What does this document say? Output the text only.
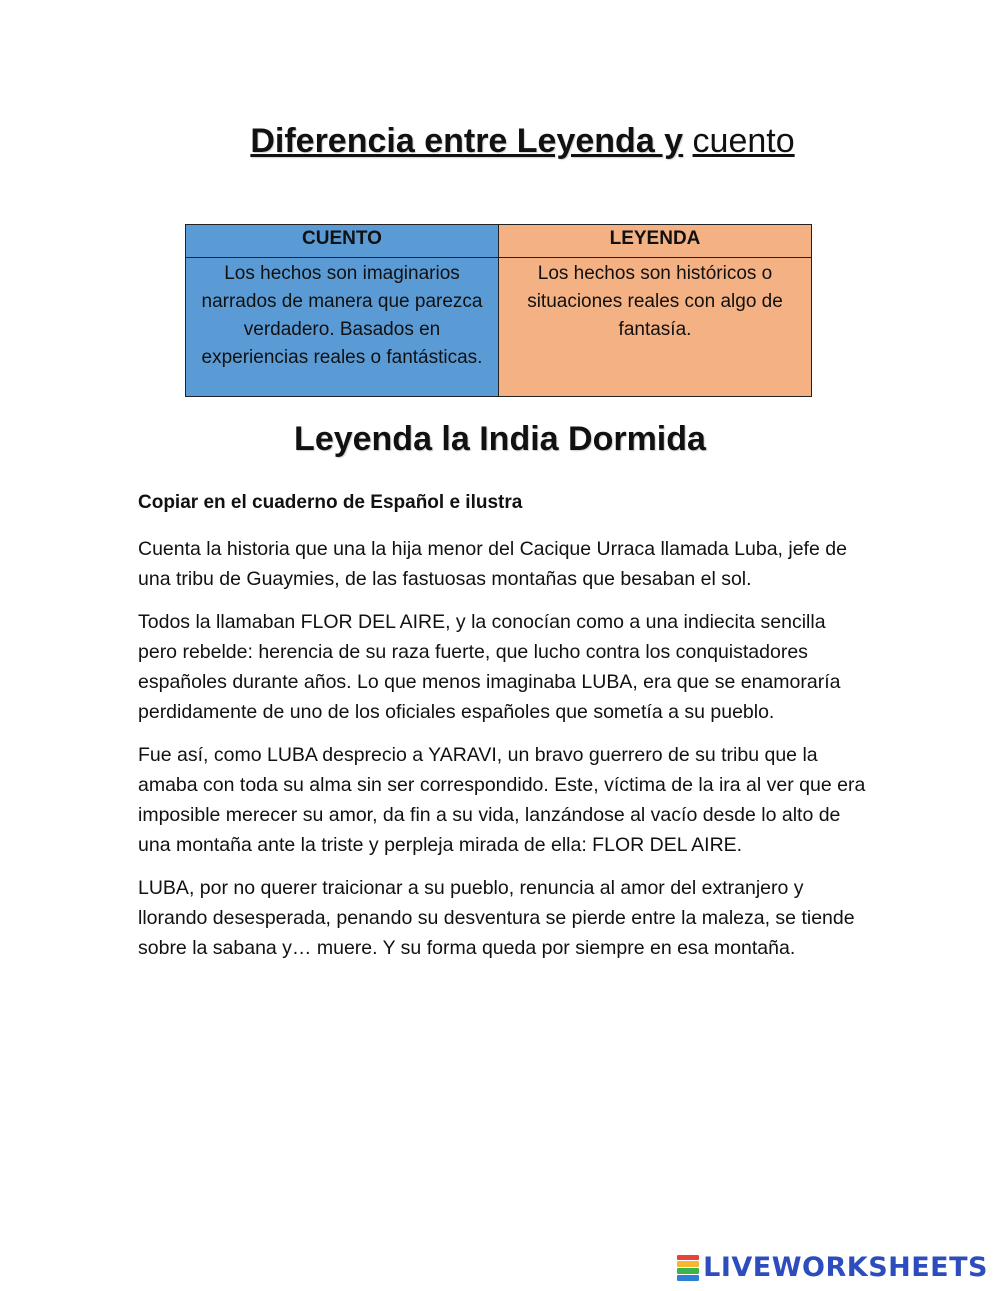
Diferencia entre Leyenda y cuento
CUENTO	LEYENDA
Los hechos son imaginarios narrados de manera que parezca verdadero. Basados en experiencias reales o fantásticas.	Los hechos son históricos o situaciones reales con algo de fantasía.
Leyenda la India Dormida

Copiar en el cuaderno de Español e ilustra

Cuenta la historia que una la hija menor del Cacique Urraca llamada Luba, jefe de una tribu de Guaymies, de las fastuosas montañas que besaban el sol.

Todos la llamaban FLOR DEL AIRE, y la conocían como a una indiecita sencilla pero rebelde: herencia de su raza fuerte, que lucho contra los conquistadores españoles durante años. Lo que menos imaginaba LUBA, era que se enamoraría perdidamente de uno de los oficiales españoles que sometía a su pueblo.

Fue así, como LUBA desprecio a YARAVI, un bravo guerrero de su tribu que la amaba con toda su alma sin ser correspondido. Este, víctima de la ira al ver que era imposible merecer su amor, da fin a su vida, lanzándose al vacío desde lo alto de una montaña ante la triste y perpleja mirada de ella: FLOR DEL AIRE.

LUBA, por no querer traicionar a su pueblo, renuncia al amor del extranjero y llorando desesperada, penando su desventura se pierde entre la maleza, se tiende sobre la sabana y… muere. Y su forma queda por siempre en esa montaña.

LIVEWORKSHEETS
